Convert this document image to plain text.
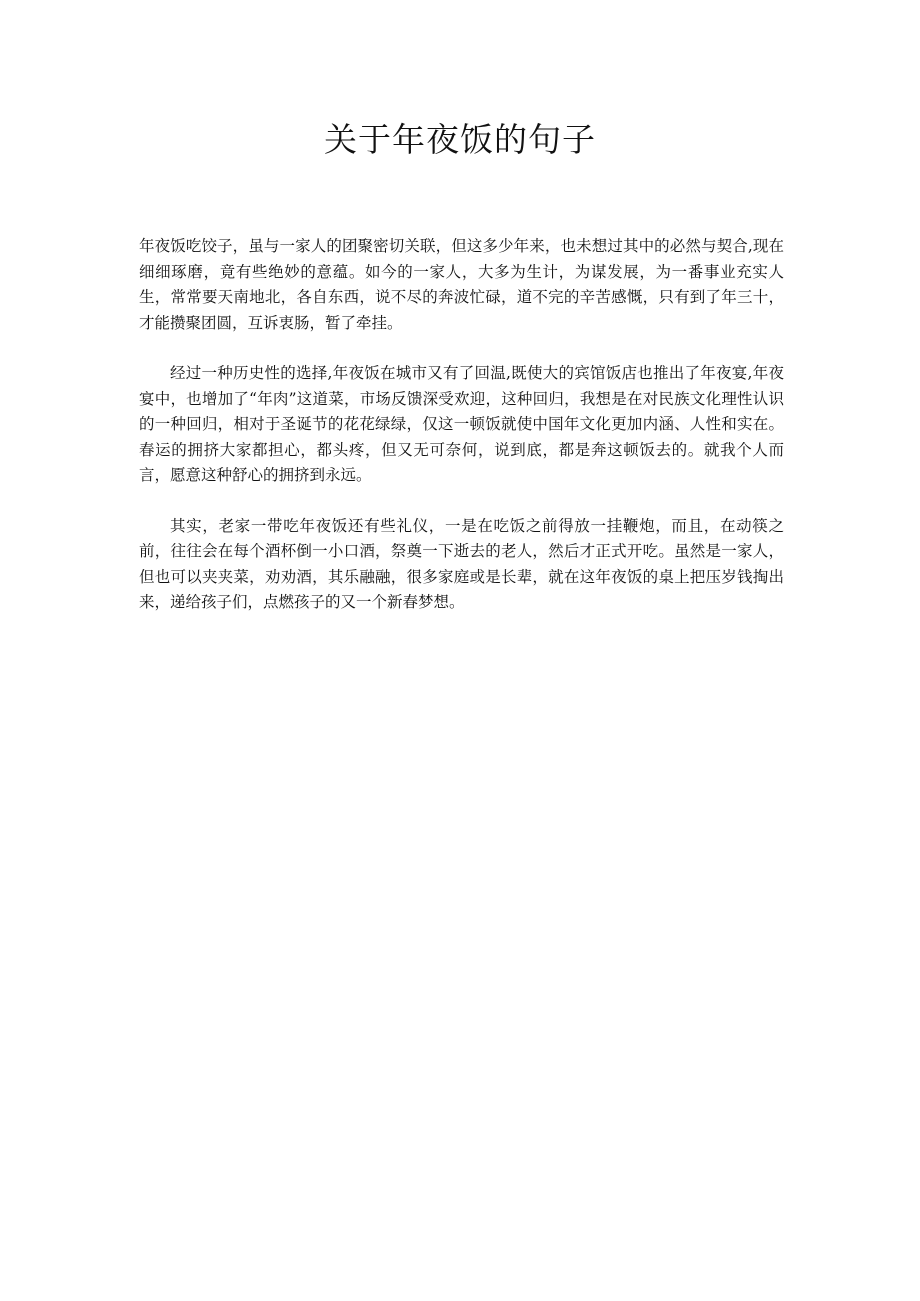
关于年夜饭的句子

年夜饭吃饺子，虽与一家人的团聚密切关联，但这多少年来，也未想过其中的必然与契合,现在细细琢磨，竟有些绝妙的意蕴。如今的一家人，大多为生计，为谋发展，为一番事业充实人生，常常要天南地北，各自东西，说不尽的奔波忙碌，道不完的辛苦感慨，只有到了年三十，才能攒聚团圆，互诉衷肠，暂了牵挂。

经过一种历史性的选择,年夜饭在城市又有了回温,既使大的宾馆饭店也推出了年夜宴,年夜宴中，也增加了“年肉”这道菜，市场反馈深受欢迎，这种回归，我想是在对民族文化理性认识的一种回归，相对于圣诞节的花花绿绿，仅这一顿饭就使中国年文化更加内涵、人性和实在。春运的拥挤大家都担心，都头疼，但又无可奈何，说到底，都是奔这顿饭去的。就我个人而言，愿意这种舒心的拥挤到永远。

其实，老家一带吃年夜饭还有些礼仪，一是在吃饭之前得放一挂鞭炮，而且，在动筷之前，往往会在每个酒杯倒一小口酒，祭奠一下逝去的老人，然后才正式开吃。虽然是一家人，但也可以夹夹菜，劝劝酒，其乐融融，很多家庭或是长辈，就在这年夜饭的桌上把压岁钱掏出来，递给孩子们，点燃孩子的又一个新春梦想。
